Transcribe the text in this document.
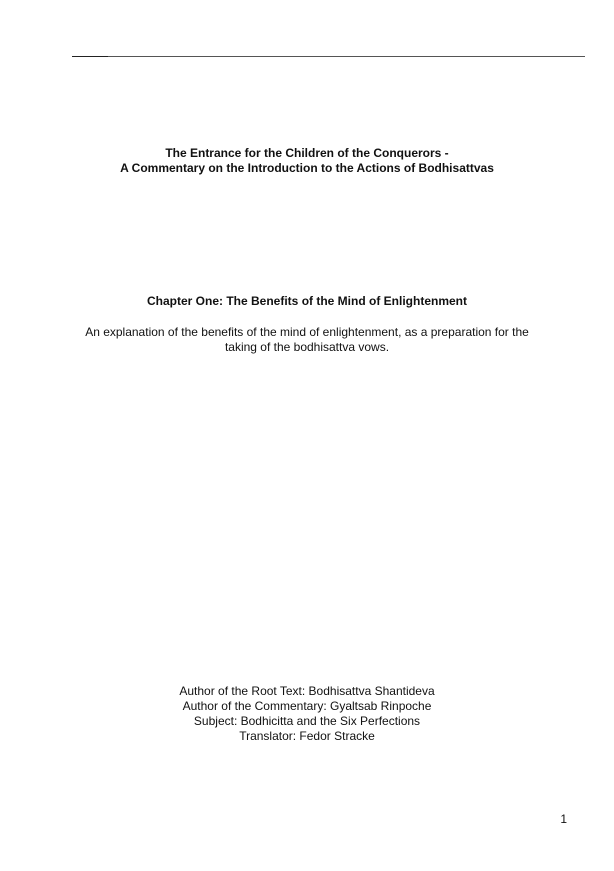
The Entrance for the Children of the Conquerors -
A Commentary on the Introduction to the Actions of Bodhisattvas
Chapter One: The Benefits of the Mind of Enlightenment
An explanation of the benefits of the mind of enlightenment, as a preparation for the
taking of the bodhisattva vows.
Author of the Root Text: Bodhisattva Shantideva
Author of the Commentary: Gyaltsab Rinpoche
Subject: Bodhicitta and the Six Perfections
Translator: Fedor Stracke
1
